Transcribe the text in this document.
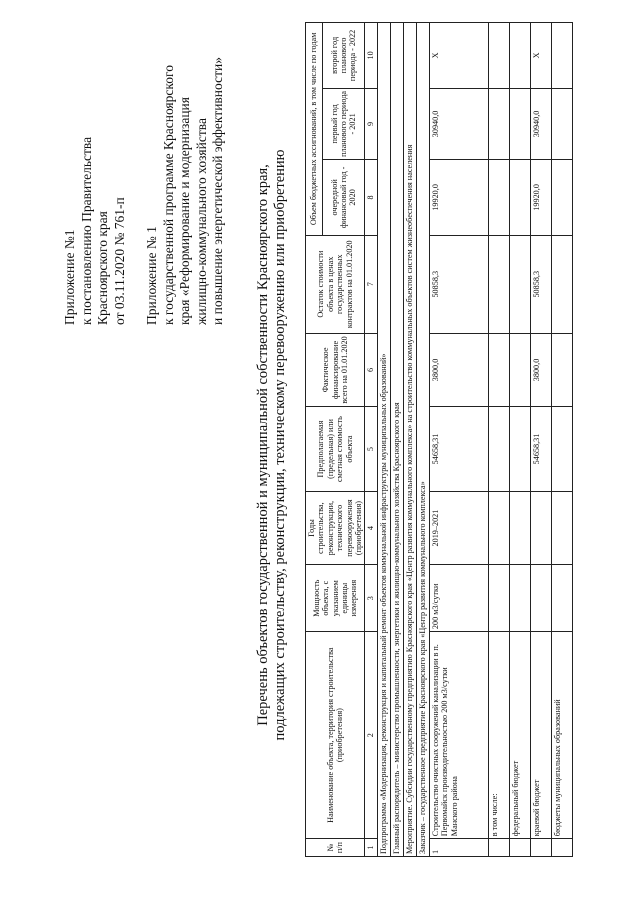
Приложение №1 к постановлению Правительства Красноярского края от 03.11.2020 № 761-п Приложение № 1 к государственной программе Красноярского края «Реформирование и модернизация жилищно-коммунального хозяйства и повышение энергетической эффективности» Перечень объектов государственной и муниципальной собственности Красноярского края, подлежащих строительству, реконструкции, техническому перевооружению или приобретению

№ п/п	Наименование объекта, территория строительства (приобретения)	Мощность объекта, с указанием единицы измерения	Годы строительства, реконструкции, технического перевооружения (приобретения)	Предполагаемая (предельная) или сметная стоимость объекта	Фактическое финансирование всего на 01.01.2020	Остаток стоимости объекта в ценах государственных контрактов на 01.01.2020	Объем бюджетных ассигнований, в том числе по годам		
							очередной финансовый год - 2020	первый год планового периода - 2021	второй год планового периода - 2022
1	2	3	4	5	6	7	8	9	10
Подпрограмма «Модернизация, реконструкция и капитальный ремонт объектов коммунальной инфраструктуры муниципальных образований»									
Главный распорядитель – министерство промышленности, энергетики и жилищно-коммунального хозяйства Красноярского края									
Мероприятие. Субсидии государственному предприятию Красноярского края «Центр развития коммунального комплекса» на строительство коммунальных объектов систем жизнеобеспечения населения									
Заказчик – государственное предприятие Красноярского края «Центр развития коммунального комплекса»									
1	Строительство очистных сооружений канализации в п. Первомайск производительностью 200 м3/сутки Манского района	200 м3/сутки	2019–2021	54658,31	3800,0	50858,3	19920,0	30940,0	Х
	в том числе:								
	федеральный бюджет								
	краевой бюджет			54658,31	3800,0	50858,3	19920,0	30940,0	Х
	бюджеты муниципальных образований								
